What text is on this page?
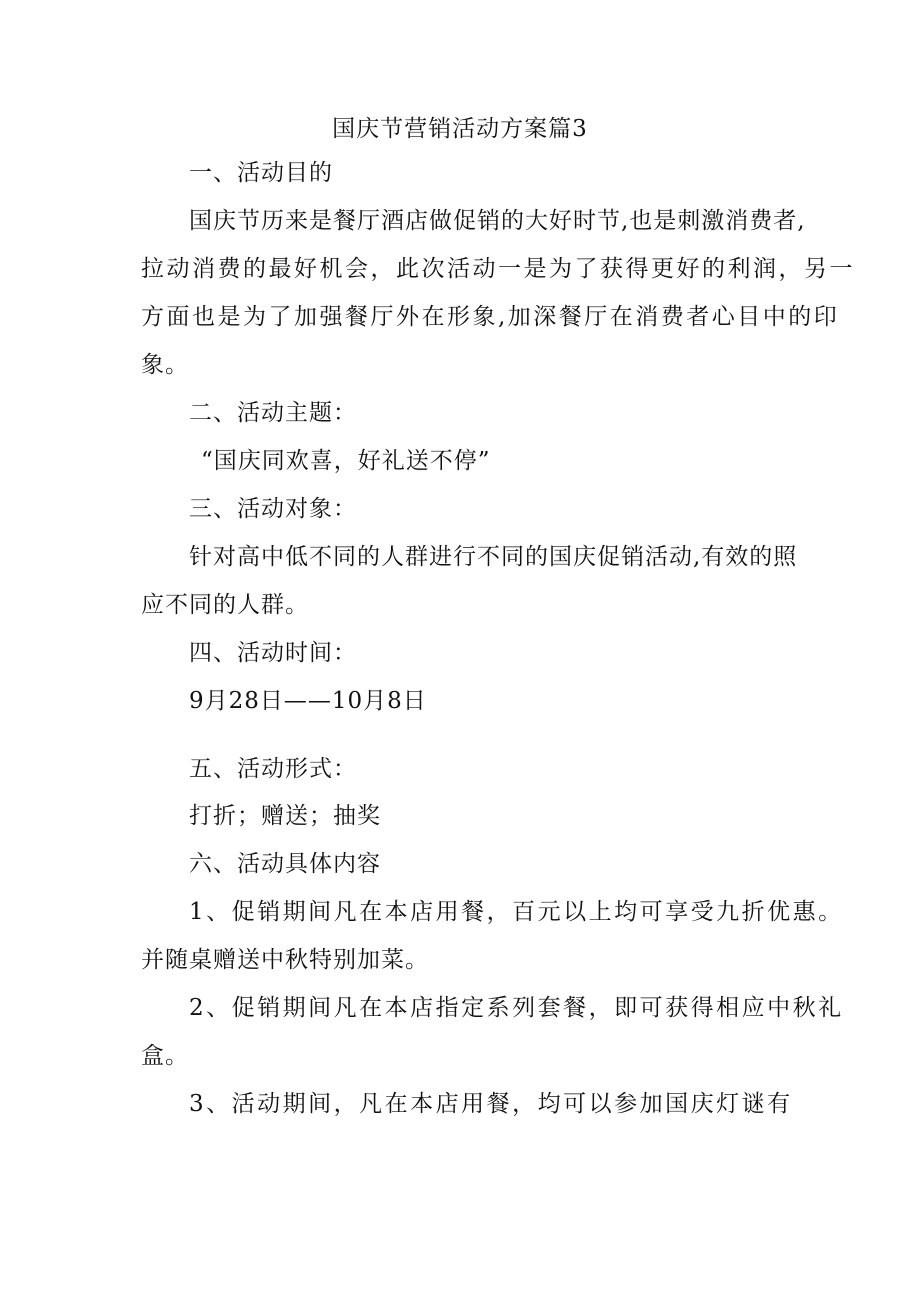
国庆节营销活动方案篇3
一、活动目的
国庆节历来是餐厅酒店做促销的大好时节,也是刺激消费者,
拉动消费的最好机会，此次活动一是为了获得更好的利润，另一
方面也是为了加强餐厅外在形象,加深餐厅在消费者心目中的印
象。
二、活动主题：
“国庆同欢喜，好礼送不停”
三、活动对象：
针对高中低不同的人群进行不同的国庆促销活动,有效的照
应不同的人群。
四、活动时间：
9月28日——10月8日
五、活动形式：
打折；赠送；抽奖
六、活动具体内容
1、促销期间凡在本店用餐，百元以上均可享受九折优惠。
并随桌赠送中秋特别加菜。
2、促销期间凡在本店指定系列套餐，即可获得相应中秋礼
盒。
3、活动期间，凡在本店用餐，均可以参加国庆灯谜有
